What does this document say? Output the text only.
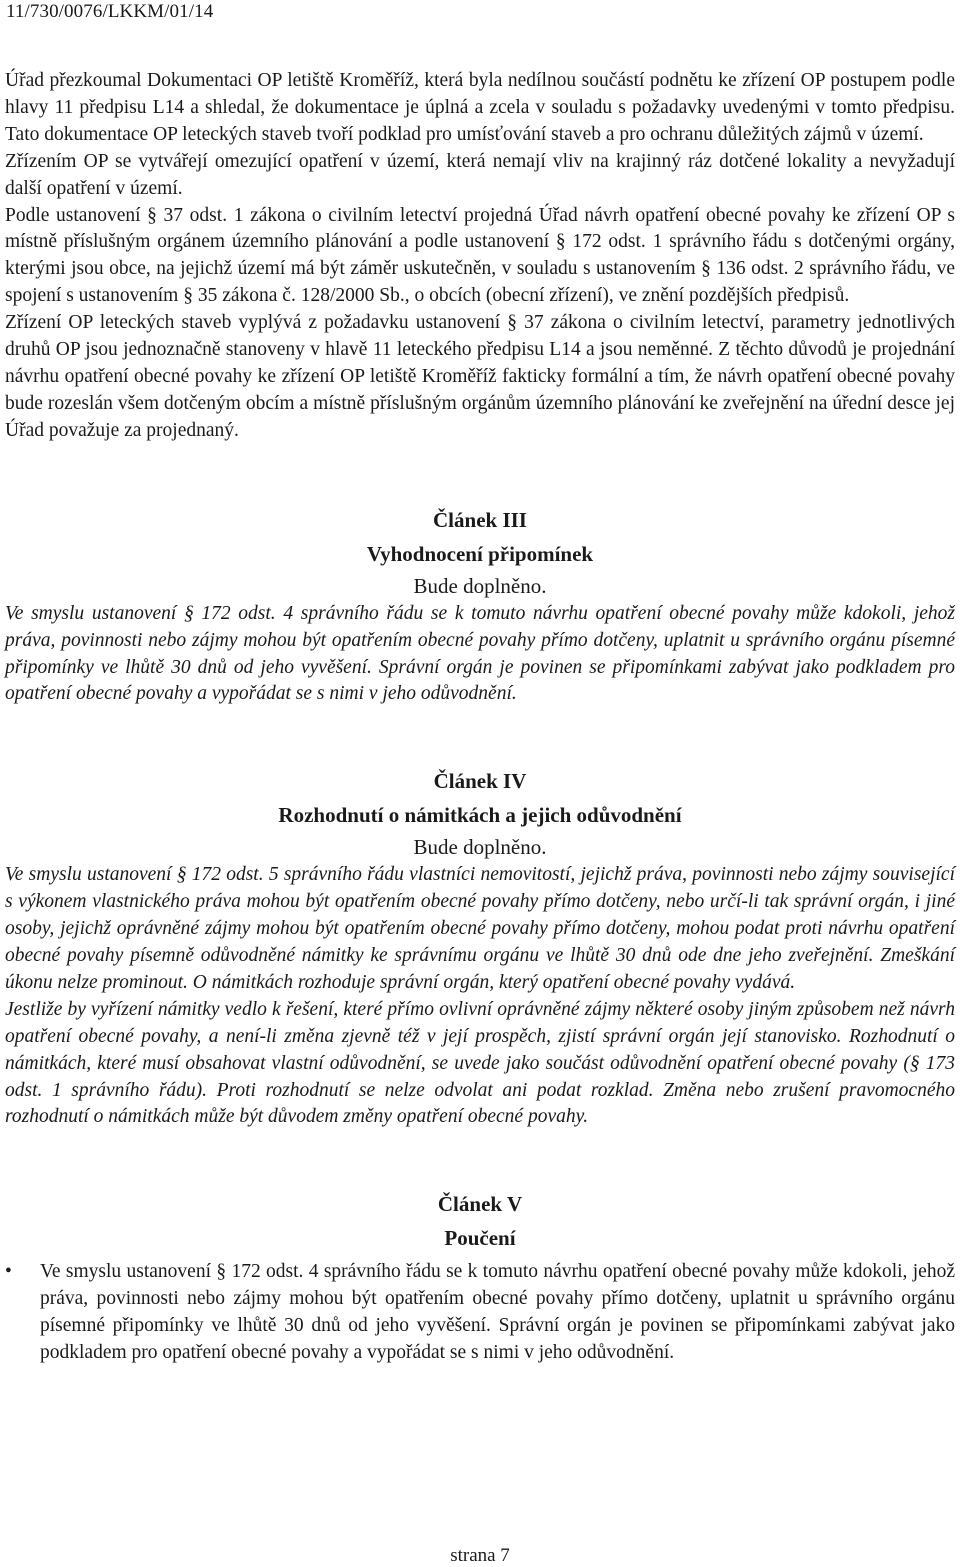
11/730/0076/LKKM/01/14

Úřad přezkoumal Dokumentaci OP letiště Kroměříž, která byla nedílnou součástí podnětu ke zřízení OP postupem podle hlavy 11 předpisu L14 a shledal, že dokumentace je úplná a zcela v souladu s požadavky uvedenými v tomto předpisu. Tato dokumentace OP leteckých staveb tvoří podklad pro umísťování staveb a pro ochranu důležitých zájmů v území.

Zřízením OP se vytvářejí omezující opatření v území, která nemají vliv na krajinný ráz dotčené lokality a nevyžadují další opatření v území.

Podle ustanovení § 37 odst. 1 zákona o civilním letectví projedná Úřad návrh opatření obecné povahy ke zřízení OP s místně příslušným orgánem územního plánování a podle ustanovení § 172 odst. 1 správního řádu s dotčenými orgány, kterými jsou obce, na jejichž území má být záměr uskutečněn, v souladu s ustanovením § 136 odst. 2 správního řádu, ve spojení s ustanovením § 35 zákona č. 128/2000 Sb., o obcích (obecní zřízení), ve znění pozdějších předpisů.

Zřízení OP leteckých staveb vyplývá z požadavku ustanovení § 37 zákona o civilním letectví, parametry jednotlivých druhů OP jsou jednoznačně stanoveny v hlavě 11 leteckého předpisu L14 a jsou neměnné. Z těchto důvodů je projednání návrhu opatření obecné povahy ke zřízení OP letiště Kroměříž fakticky formální a tím, že návrh opatření obecné povahy bude rozeslán všem dotčeným obcím a místně příslušným orgánům územního plánování ke zveřejnění na úřední desce jej Úřad považuje za projednaný.

Článek III
Vyhodnocení připomínek
Bude doplněno.

Ve smyslu ustanovení § 172 odst. 4 správního řádu se k tomuto návrhu opatření obecné povahy může kdokoli, jehož práva, povinnosti nebo zájmy mohou být opatřením obecné povahy přímo dotčeny, uplatnit u správního orgánu písemné připomínky ve lhůtě 30 dnů od jeho vyvěšení. Správní orgán je povinen se připomínkami zabývat jako podkladem pro opatření obecné povahy a vypořádat se s nimi v jeho odůvodnění.

Článek IV
Rozhodnutí o námitkách a jejich odůvodnění
Bude doplněno.

Ve smyslu ustanovení § 172 odst. 5 správního řádu vlastníci nemovitostí, jejichž práva, povinnosti nebo zájmy související s výkonem vlastnického práva mohou být opatřením obecné povahy přímo dotčeny, nebo určí-li tak správní orgán, i jiné osoby, jejichž oprávněné zájmy mohou být opatřením obecné povahy přímo dotčeny, mohou podat proti návrhu opatření obecné povahy písemně odůvodněné námitky ke správnímu orgánu ve lhůtě 30 dnů ode dne jeho zveřejnění. Zmeškání úkonu nelze prominout. O námitkách rozhoduje správní orgán, který opatření obecné povahy vydává.

Jestliže by vyřízení námitky vedlo k řešení, které přímo ovlivní oprávněné zájmy některé osoby jiným způsobem než návrh opatření obecné povahy, a není-li změna zjevně též v její prospěch, zjistí správní orgán její stanovisko. Rozhodnutí o námitkách, které musí obsahovat vlastní odůvodnění, se uvede jako součást odůvodnění opatření obecné povahy (§ 173 odst. 1 správního řádu). Proti rozhodnutí se nelze odvolat ani podat rozklad. Změna nebo zrušení pravomocného rozhodnutí o námitkách může být důvodem změny opatření obecné povahy.

Článek V
Poučení
• Ve smyslu ustanovení § 172 odst. 4 správního řádu se k tomuto návrhu opatření obecné povahy může kdokoli, jehož práva, povinnosti nebo zájmy mohou být opatřením obecné povahy přímo dotčeny, uplatnit u správního orgánu písemné připomínky ve lhůtě 30 dnů od jeho vyvěšení. Správní orgán je povinen se připomínkami zabývat jako podkladem pro opatření obecné povahy a vypořádat se s nimi v jeho odůvodnění.
strana 7
